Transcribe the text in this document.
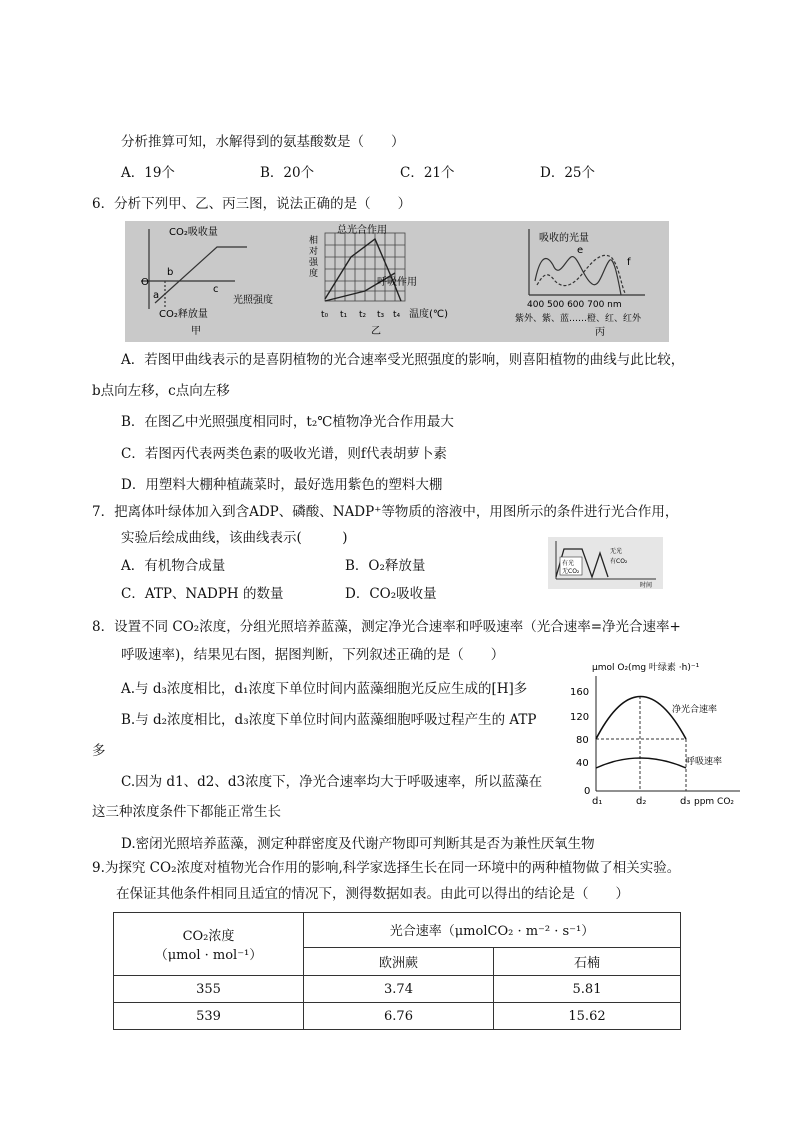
分析推算可知，水解得到的氨基酸数是（　　）
A．19个	B．20个	C．21个	D．25个
6．分析下列甲、乙、丙三图，说法正确的是（　　）
CO₂吸收量
O
b
a
c
光照强度
CO₂释放量
甲
相
对
强
度
总光合作用
呼吸作用
t₀ t₁ t₂ t₃ t₄ 温度(℃)
乙
吸收的光量
e
f
400 500 600 700 nm
紫外、紫、蓝……橙、红、红外
丙
A．若图甲曲线表示的是喜阴植物的光合速率受光照强度的影响，则喜阳植物的曲线与此比较，
b点向左移，c点向左移
B．在图乙中光照强度相同时，t₂℃植物净光合作用最大
C．若图丙代表两类色素的吸收光谱，则f代表胡萝卜素
D．用塑料大棚种植蔬菜时，最好选用紫色的塑料大棚
7．把离体叶绿体加入到含ADP、磷酸、NADP⁺等物质的溶液中，用图所示的条件进行光合作用，
实验后绘成曲线，该曲线表示(　　　)
A．有机物合成量	B．O₂释放量
C．ATP、NADPH 的数量	D．CO₂吸收量
有光
无CO₂
无光
有CO₂
时间
8．设置不同 CO₂浓度，分组光照培养蓝藻，测定净光合速率和呼吸速率（光合速率=净光合速率+
呼吸速率)，结果见右图，据图判断，下列叙述正确的是（　　）
A.与 d₃浓度相比，d₁浓度下单位时间内蓝藻细胞光反应生成的[H]多
B.与 d₂浓度相比，d₃浓度下单位时间内蓝藻细胞呼吸过程产生的 ATP
多
C.因为 d1、d2、d3浓度下，净光合速率均大于呼吸速率，所以蓝藻在
这三种浓度条件下都能正常生长
D.密闭光照培养蓝藻，测定种群密度及代谢产物即可判断其是否为兼性厌氧生物
μmol O₂(mg 叶绿素 ·h)⁻¹
160
120
80
40
0
净光合速率
呼吸速率
d₁	d₂	d₃ ppm CO₂
9.为探究 CO₂浓度对植物光合作用的影响,科学家选择生长在同一环境中的两种植物做了相关实验。
在保证其他条件相同且适宜的情况下，测得数据如表。由此可以得出的结论是（　　）
CO₂浓度
（μmol · mol⁻¹）	光合速率（μmolCO₂ · m⁻² · s⁻¹）	
	欧洲蕨	石楠
355	3.74	5.81
539	6.76	15.62
